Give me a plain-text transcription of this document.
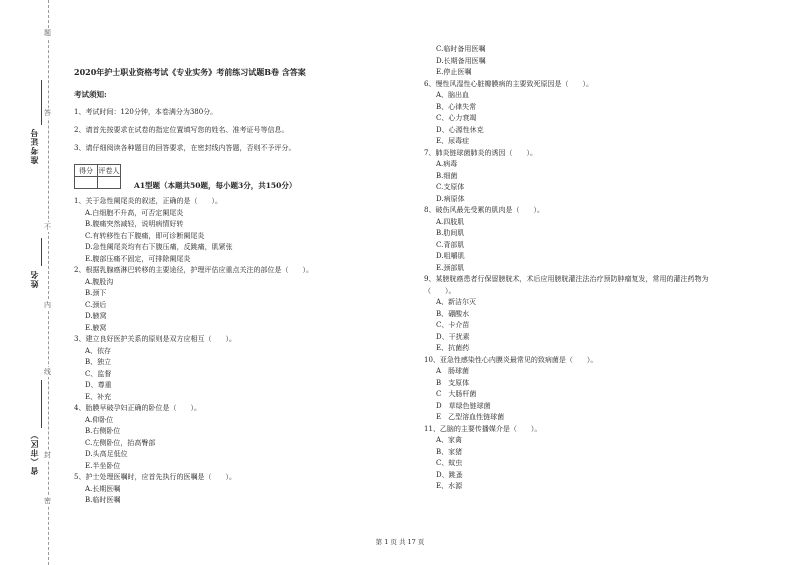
题
答
不
内
线
封
密
准考证号
姓名
省（市区）
2020年护士职业资格考试《专业实务》考前练习试题B卷 含答案
考试须知:
1、考试时间：120分钟，本卷满分为380分。
2、请首先按要求在试卷的指定位置填写您的姓名、准考证号等信息。
3、请仔细阅读各种题目的回答要求，在密封线内答题，否则不予评分。
得分	评卷人

A1型题（本题共50题，每小题3分，共150分）
1、关于急性阑尾炎的叙述，正确的是（　　）。
A.白细胞不升高，可否定阑尾炎
B.腹痛突然减轻，说明病情好转
C.有转移性右下腹痛，即可诊断阑尾炎
D.急性阑尾炎均有右下腹压痛，反跳痛，肌紧张
E.腹部压痛不固定，可排除阑尾炎
2、根据乳腺癌淋巴转移的主要途径，护理评估应重点关注的部位是（　　）。
A.腹股沟
B.颈下
C.颈后
D.腋窝
E.腋窝
3、建立良好医护关系的原则是双方应相互（　　）。
A、依存
B、独立
C、监督
D、尊重
E、补充
4、胎膜早破孕妇正确的卧位是（　　）。
A.仰卧位
B.右侧卧位
C.左侧卧位，抬高臀部
D.头高足低位
E.半坐卧位
5、护士处理医嘱时，应首先执行的医嘱是（　　）。
A.长期医嘱
B.临时医嘱
C.临时备用医嘱
D.长期备用医嘱
E.停止医嘱
6、慢性风湿性心脏瓣膜病的主要致死原因是（　　）。
A、脑出血
B、心律失常
C、心力衰竭
D、心源性休克
E、尿毒症
7、肺炎链球菌肺炎的诱因（　　）。
A.病毒
B.细菌
C.支原体
D.病原体
8、破伤风最先受累的肌肉是（　　）。
A.四肢肌
B.肋间肌
C.背部肌
D.咀嚼肌
E.颈部肌
9、某膀胱癌患者行保留膀胱术，术后应用膀胱灌注法治疗预防肿瘤复发，常用的灌注药物为
（　　）。
A、新洁尔灭
B、硼酸水
C、卡介苗
D、干扰素
E、抗菌药
10、亚急性感染性心内膜炎最常见的致病菌是（　　）。
A　肠球菌
B　支原体
C　大肠杆菌
D　草绿色链球菌
E　乙型溶血性链球菌
11、乙脑的主要传播媒介是（　　）。
A、家禽
B、家猪
C、蚊虫
D、跳蚤
E、水源
第 1 页 共 17 页
